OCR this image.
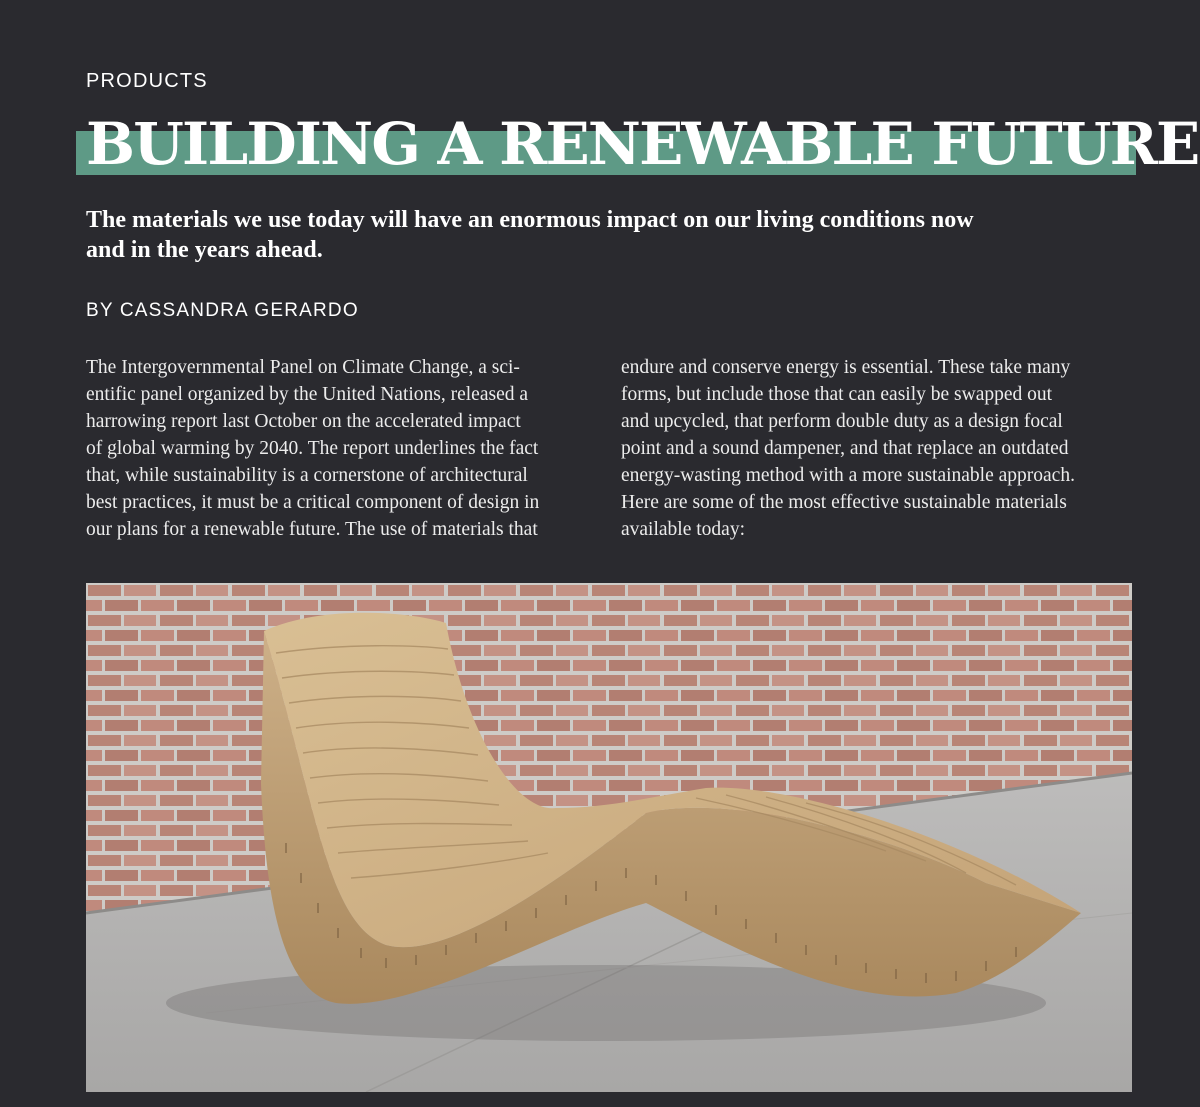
PRODUCTS
BUILDING A RENEWABLE FUTURE

The materials we use today will have an enormous impact on our living conditions now and in the years ahead.

BY CASSANDRA GERARDO
The Intergovernmental Panel on Climate Change, a sci-
entific panel organized by the United Nations, released a
harrowing report last October on the accelerated impact
of global warming by 2040. The report underlines the fact
that, while sustainability is a cornerstone of architectural
best practices, it must be a critical component of design in
our plans for a renewable future. The use of materials that
endure and conserve energy is essential. These take many
forms, but include those that can easily be swapped out
and upcycled, that perform double duty as a design focal
point and a sound dampener, and that replace an outdated
energy-wasting method with a more sustainable approach.
Here are some of the most effective sustainable materials
available today:
